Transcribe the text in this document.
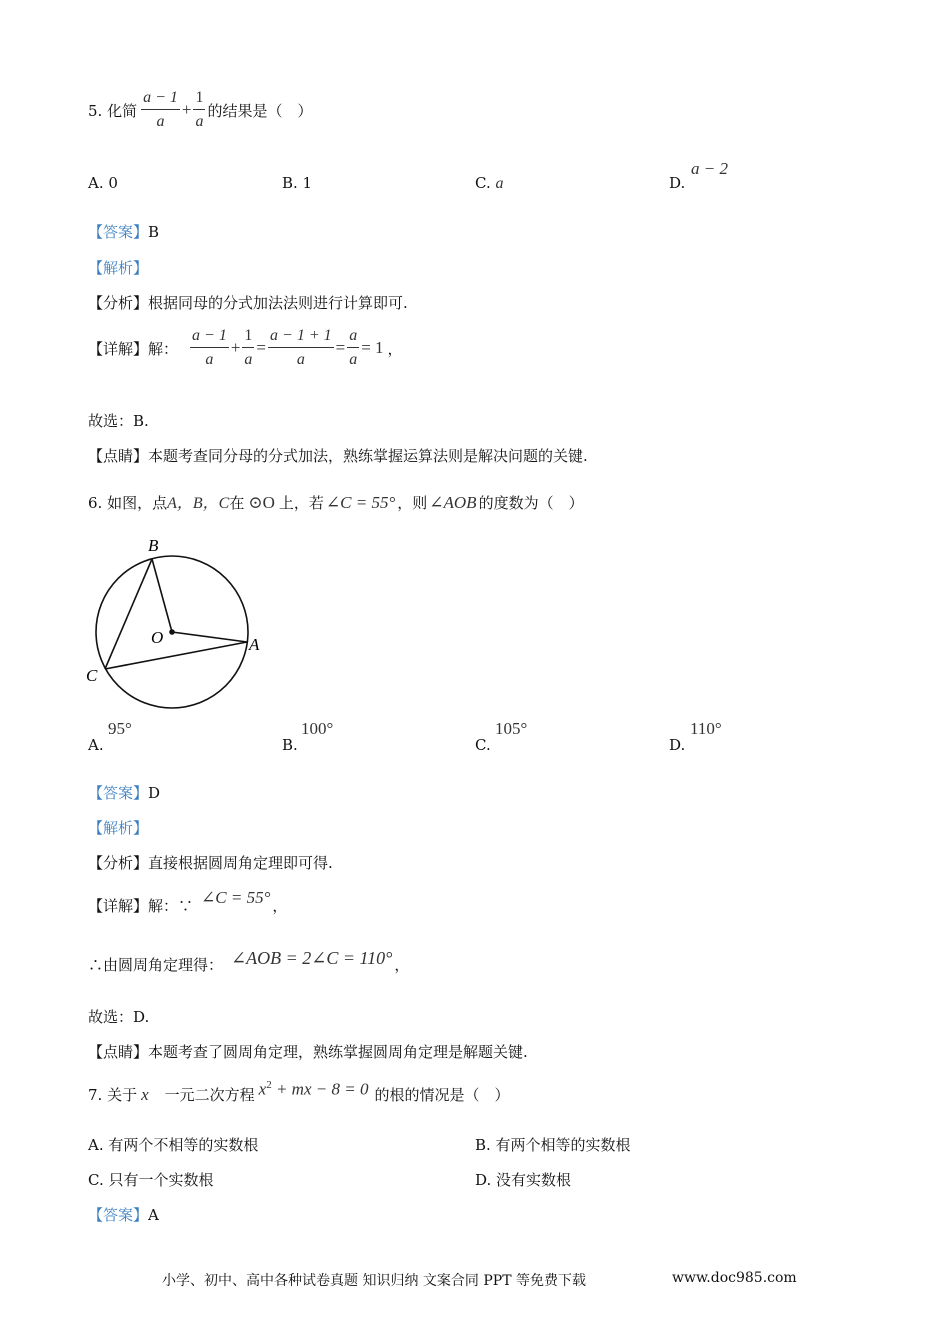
5. 化简 $\frac{a - 1}{a} + \frac{1}{a}$ 的结果是（　）
A. 0	B. 1	C. a	D.
a − 2
【答案】B
【解析】
【分析】根据同母的分式加法法则进行计算即可.
【详解】 解： $\frac{a - 1}{a} + \frac{1}{a} = \frac{a - 1 + 1}{a} = \frac{a}{a} = 1$ ，
故选：B.
【点睛】本题考查同分母的分式加法，熟练掌握运算法则是解决问题的关键.
6. 如图，点A，B，C在 ⊙O 上，若 ∠C = 55° ，则 ∠AOB 的度数为（　）
B
O	A
C
A.
95°
B.
100°
C.
105°
D.
110°
【答案】D
【解析】
【分析】直接根据圆周角定理即可得.
【详解】 解：∵ ∠C = 55° ，
∴由圆周角定理得： ∠AOB = 2∠C = 110° ，
故选：D.
【点睛】本题考查了圆周角定理，熟练掌握圆周角定理是解题关键.
7. 关于 x 一元二次方程 $x^2$ + mx − 8 = 0 的根的情况是（　）
A. 有两个不相等的实数根	B. 有两个相等的实数根
C. 只有一个实数根	D. 没有实数根
【答案】A
小学、初中、高中各种试卷真题 知识归纳 文案合同 PPT 等免费下载	www.doc985.com
